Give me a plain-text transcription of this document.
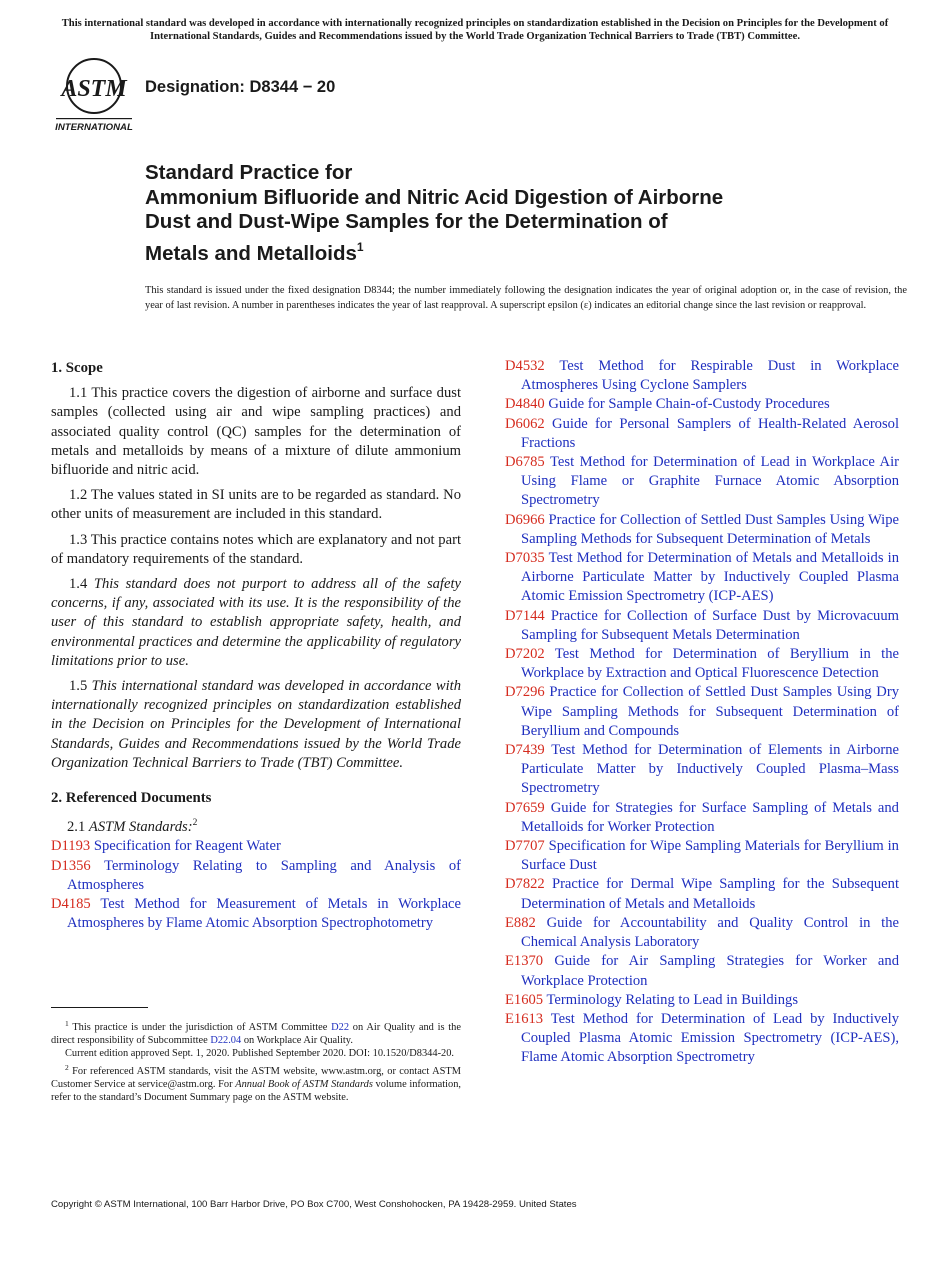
This international standard was developed in accordance with internationally recognized principles on standardization established in the Decision on Principles for the Development of International Standards, Guides and Recommendations issued by the World Trade Organization Technical Barriers to Trade (TBT) Committee.
ASTM
INTERNATIONAL
Designation: D8344 − 20
Standard Practice for
Ammonium Bifluoride and Nitric Acid Digestion of Airborne
Dust and Dust-Wipe Samples for the Determination of
Metals and Metalloids$^1$
This standard is issued under the fixed designation D8344; the number immediately following the designation indicates the year of original adoption or, in the case of revision, the year of last revision. A number in parentheses indicates the year of last reapproval. A superscript epsilon (ε) indicates an editorial change since the last revision or reapproval.
1. Scope
1.1 This practice covers the digestion of airborne and surface dust samples (collected using air and wipe sampling practices) and associated quality control (QC) samples for the determination of metals and metalloids by means of a mixture of dilute ammonium bifluoride and nitric acid.
1.2 The values stated in SI units are to be regarded as standard. No other units of measurement are included in this standard.
1.3 This practice contains notes which are explanatory and not part of mandatory requirements of the standard.
1.4 This standard does not purport to address all of the safety concerns, if any, associated with its use. It is the responsibility of the user of this standard to establish appropriate safety, health, and environmental practices and determine the applicability of regulatory limitations prior to use.
1.5 This international standard was developed in accordance with internationally recognized principles on standardization established in the Decision on Principles for the Development of International Standards, Guides and Recommendations issued by the World Trade Organization Technical Barriers to Trade (TBT) Committee.
2. Referenced Documents
2.1 ASTM Standards:$^2$
D1193 Specification for Reagent Water
D1356 Terminology Relating to Sampling and Analysis of Atmospheres
D4185 Test Method for Measurement of Metals in Workplace Atmospheres by Flame Atomic Absorption Spectrophotometry
D4532 Test Method for Respirable Dust in Workplace Atmospheres Using Cyclone Samplers
D4840 Guide for Sample Chain-of-Custody Procedures
D6062 Guide for Personal Samplers of Health-Related Aerosol Fractions
D6785 Test Method for Determination of Lead in Workplace Air Using Flame or Graphite Furnace Atomic Absorption Spectrometry
D6966 Practice for Collection of Settled Dust Samples Using Wipe Sampling Methods for Subsequent Determination of Metals
D7035 Test Method for Determination of Metals and Metalloids in Airborne Particulate Matter by Inductively Coupled Plasma Atomic Emission Spectrometry (ICP-AES)
D7144 Practice for Collection of Surface Dust by Microvacuum Sampling for Subsequent Metals Determination
D7202 Test Method for Determination of Beryllium in the Workplace by Extraction and Optical Fluorescence Detection
D7296 Practice for Collection of Settled Dust Samples Using Dry Wipe Sampling Methods for Subsequent Determination of Beryllium and Compounds
D7439 Test Method for Determination of Elements in Airborne Particulate Matter by Inductively Coupled Plasma–Mass Spectrometry
D7659 Guide for Strategies for Surface Sampling of Metals and Metalloids for Worker Protection
D7707 Specification for Wipe Sampling Materials for Beryllium in Surface Dust
D7822 Practice for Dermal Wipe Sampling for the Subsequent Determination of Metals and Metalloids
E882 Guide for Accountability and Quality Control in the Chemical Analysis Laboratory
E1370 Guide for Air Sampling Strategies for Worker and Workplace Protection
E1605 Terminology Relating to Lead in Buildings
E1613 Test Method for Determination of Lead by Inductively Coupled Plasma Atomic Emission Spectrometry (ICP-AES), Flame Atomic Absorption Spectrometry
$^1$ This practice is under the jurisdiction of ASTM Committee D22 on Air Quality and is the direct responsibility of Subcommittee D22.04 on Workplace Air Quality.
Current edition approved Sept. 1, 2020. Published September 2020. DOI: 10.1520/D8344-20.
$^2$ For referenced ASTM standards, visit the ASTM website, www.astm.org, or contact ASTM Customer Service at service@astm.org. For Annual Book of ASTM Standards volume information, refer to the standard’s Document Summary page on the ASTM website.
Copyright © ASTM International, 100 Barr Harbor Drive, PO Box C700, West Conshohocken, PA 19428-2959. United States
